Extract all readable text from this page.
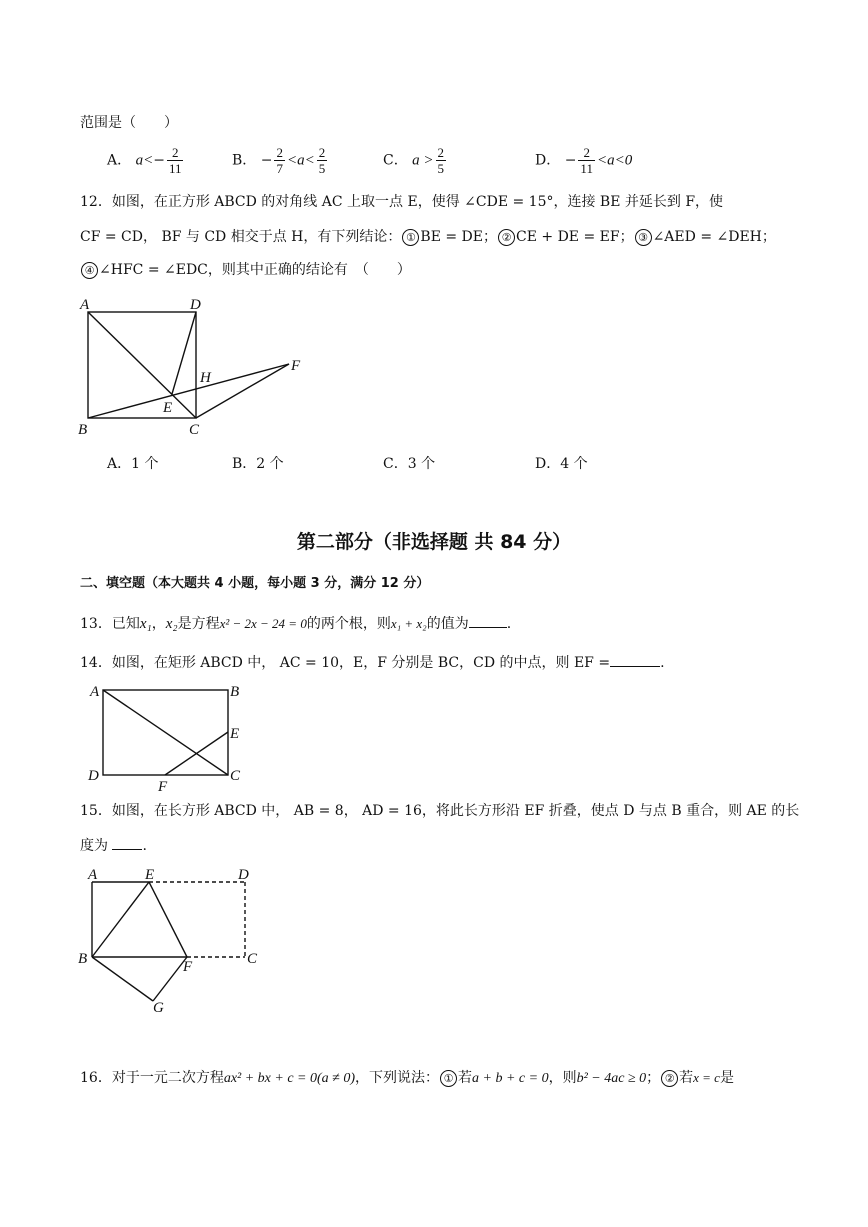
范围是（　　）
A． $a<- \frac{2}{11}$	B． − $\frac{2}{7} <a< \frac{2}{5}$	C． $a > \frac{2}{5}$	D． − $\frac{2}{11} <a<0$
12．如图，在正方形 ABCD 的对角线 AC 上取一点 E，使得 ∠CDE = 15°，连接 BE 并延长到 F，使
CF = CD， BF 与 CD 相交于点 H，有下列结论： ① BE = DE； ② CE + DE = EF； ③ ∠AED = ∠DEH；
④ ∠HFC = ∠EDC，则其中正确的结论有　（　　）
A	D
B	C
E
H
F
A．1 个	B．2 个	C．3 个	D．4 个
第二部分（非选择题 共 84 分）
二、填空题（本大题共 4 小题，每小题 3 分，满分 12 分）
13．已知x₁，x₂是方程x² − 2x − 24 = 0的两个根，则x₁ + x₂的值为	.
14．如图，在矩形 ABCD 中， AC = 10，E，F 分别是 BC，CD 的中点，则 EF =	.
A	B
E
D
F
C
15．如图，在长方形 ABCD 中， AB = 8， AD = 16，将此长方形沿 EF 折叠，使点 D 与点 B 重合，则 AE 的长
度为 .
A	E	D
B	F	C
G
16．对于一元二次方程ax² + bx + c = 0(a ≠ 0)，下列说法： ① 若a + b + c = 0，则b² − 4ac ≥ 0； ② 若x = c是
